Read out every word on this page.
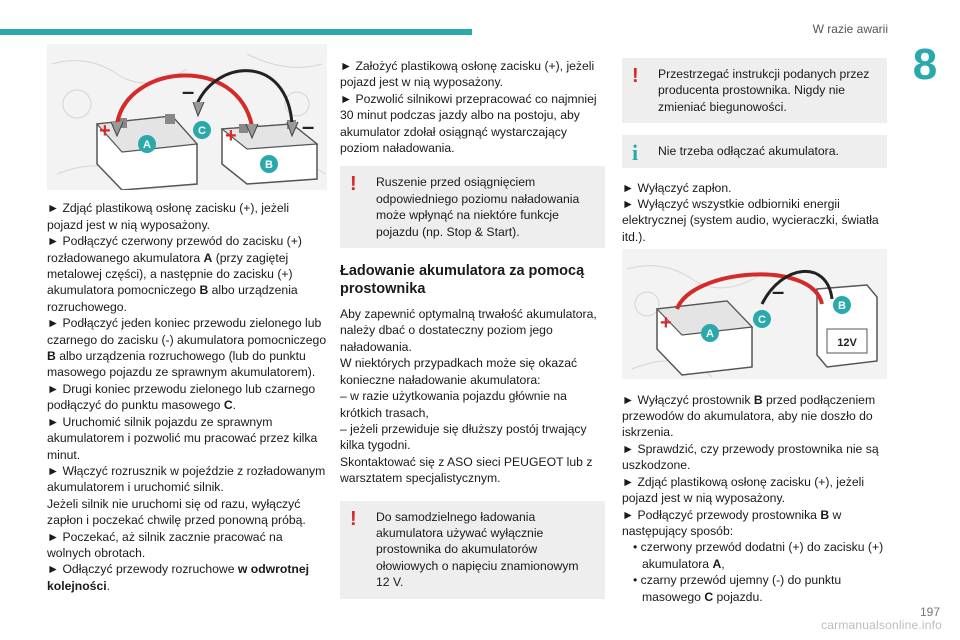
W razie awarii
8
+	+
–
–
A
B
C

► Zdjąć plastikową osłonę zacisku (+), jeżeli pojazd jest w nią wyposażony.

► Podłączyć czerwony przewód do zacisku (+) rozładowanego akumulatora A (przy zagiętej metalowej części), a następnie do zacisku (+) akumulatora pomocniczego B albo urządzenia rozruchowego.

► Podłączyć jeden koniec przewodu zielonego lub czarnego do zacisku (-) akumulatora pomocniczego B albo urządzenia rozruchowego (lub do punktu masowego pojazdu ze sprawnym akumulatorem).

► Drugi koniec przewodu zielonego lub czarnego podłączyć do punktu masowego C.

► Uruchomić silnik pojazdu ze sprawnym akumulatorem i pozwolić mu pracować przez kilka minut.

► Włączyć rozrusznik w pojeździe z rozładowanym akumulatorem i uruchomić silnik.

Jeżeli silnik nie uruchomi się od razu, wyłączyć zapłon i poczekać chwilę przed ponowną próbą.

► Poczekać, aż silnik zacznie pracować na wolnych obrotach.

► Odłączyć przewody rozruchowe w odwrotnej kolejności.

► Założyć plastikową osłonę zacisku (+), jeżeli pojazd jest w nią wyposażony.

► Pozwolić silnikowi przepracować co najmniej 30 minut podczas jazdy albo na postoju, aby akumulator zdołał osiągnąć wystarczający poziom naładowania.

!	Ruszenie przed osiągnięciem odpowiedniego poziomu naładowania może wpłynąć na niektóre funkcje pojazdu (np. Stop & Start).

Ładowanie akumulatora za pomocą prostownika

Aby zapewnić optymalną trwałość akumulatora, należy dbać o dostateczny poziom jego naładowania.

W niektórych przypadkach może się okazać konieczne naładowanie akumulatora:

– w razie użytkowania pojazdu głównie na krótkich trasach,

– jeżeli przewiduje się dłuższy postój trwający kilka tygodni.

Skontaktować się z ASO sieci PEUGEOT lub z warsztatem specjalistycznym.

!	Do samodzielnego ładowania akumulatora używać wyłącznie prostownika do akumulatorów ołowiowych o napięciu znamionowym 12 V.

!	Przestrzegać instrukcji podanych przez producenta prostownika. Nigdy nie zmieniać biegunowości.

i	Nie trzeba odłączać akumulatora.

► Wyłączyć zapłon.

► Wyłączyć wszystkie odbiorniki energii elektrycznej (system audio, wycieraczki, światła itd.).

12V
+
–
A
C
B

► Wyłączyć prostownik B przed podłączeniem przewodów do akumulatora, aby nie doszło do iskrzenia.

► Sprawdzić, czy przewody prostownika nie są uszkodzone.

► Zdjąć plastikową osłonę zacisku (+), jeżeli pojazd jest w nią wyposażony.

► Podłączyć przewody prostownika B w następujący sposób:

• czerwony przewód dodatni (+) do zacisku (+) akumulatora A,

• czarny przewód ujemny (-) do punktu masowego C pojazdu.

197
carmanualsonline.info
